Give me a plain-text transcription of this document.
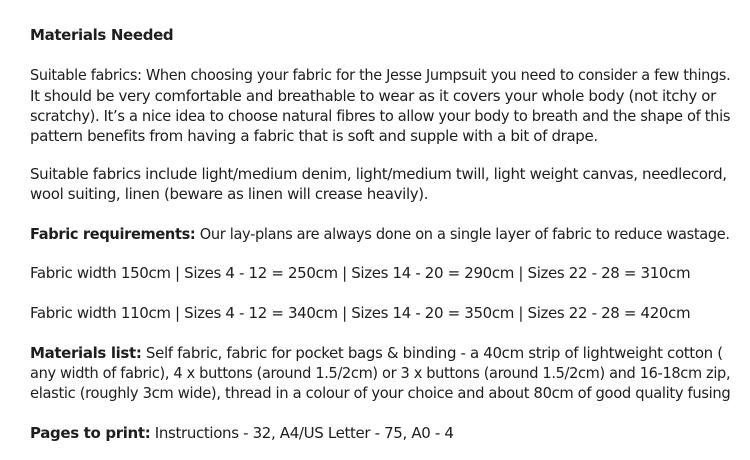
Materials Needed
Suitable fabrics: When choosing your fabric for the Jesse Jumpsuit you need to consider a few things.
It should be very comfortable and breathable to wear as it covers your whole body (not itchy or
scratchy). It’s a nice idea to choose natural fibres to allow your body to breath and the shape of this
pattern benefits from having a fabric that is soft and supple with a bit of drape.
Suitable fabrics include light/medium denim, light/medium twill, light weight canvas, needlecord,
wool suiting, linen (beware as linen will crease heavily).
Fabric requirements: Our lay-plans are always done on a single layer of fabric to reduce wastage.
Fabric width 150cm | Sizes 4 - 12 = 250cm | Sizes 14 - 20 = 290cm | Sizes 22 - 28 = 310cm
Fabric width 110cm | Sizes 4 - 12 = 340cm | Sizes 14 - 20 = 350cm | Sizes 22 - 28 = 420cm
Materials list: Self fabric, fabric for pocket bags & binding - a 40cm strip of lightweight cotton (
any width of fabric), 4 x buttons (around 1.5/2cm) or 3 x buttons (around 1.5/2cm) and 16-18cm zip,
elastic (roughly 3cm wide), thread in a colour of your choice and about 80cm of good quality fusing
Pages to print: Instructions - 32, A4/US Letter - 75, A0 - 4
